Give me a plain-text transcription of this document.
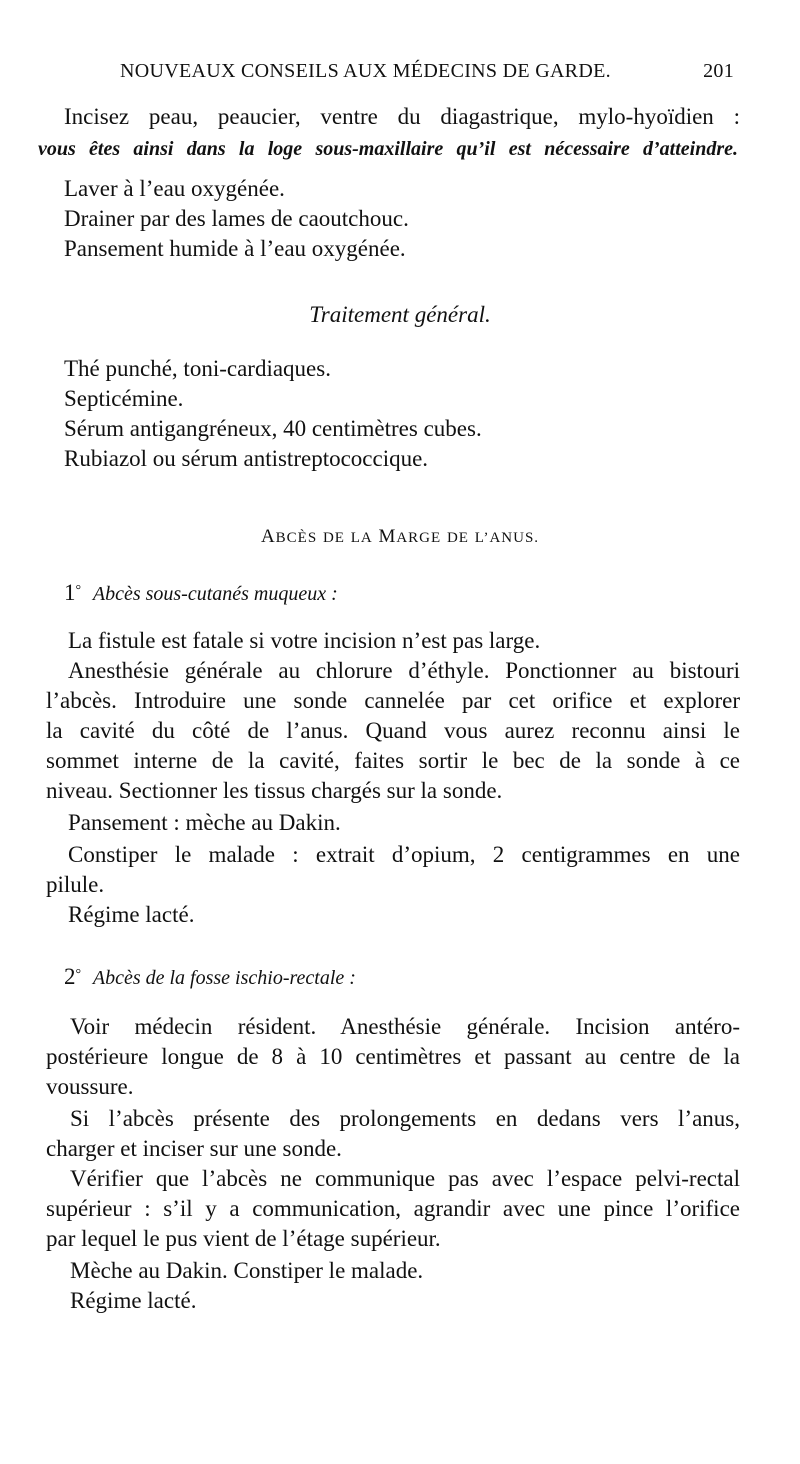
NOUVEAUX CONSEILS AUX MÉDECINS DE GARDE.	201
Incisez peau, peaucier, ventre du diagastrique, mylo-hyoïdien :
vous êtes ainsi dans la loge sous-maxillaire qu’il est nécessaire d’atteindre.
Laver à l’eau oxygénée.
Drainer par des lames de caoutchouc.
Pansement humide à l’eau oxygénée.
Traitement général.
Thé punché, toni-cardiaques.
Septicémine.
Sérum antigangréneux, 40 centimètres cubes.
Rubiazol ou sérum antistreptococcique.
ABCÈS DE LA MARGE DE L’ANUS.
1° Abcès sous-cutanés muqueux :
La fistule est fatale si votre incision n’est pas large.
Anesthésie générale au chlorure d’éthyle. Ponctionner au bistouri
l’abcès. Introduire une sonde cannelée par cet orifice et explorer
la cavité du côté de l’anus. Quand vous aurez reconnu ainsi le
sommet interne de la cavité, faites sortir le bec de la sonde à ce
niveau. Sectionner les tissus chargés sur la sonde.
Pansement : mèche au Dakin.
Constiper le malade : extrait d’opium, 2 centigrammes en une
pilule.
Régime lacté.
2° Abcès de la fosse ischio-rectale :
Voir médecin résident. Anesthésie générale. Incision antéro-
postérieure longue de 8 à 10 centimètres et passant au centre de la
voussure.
Si l’abcès présente des prolongements en dedans vers l’anus,
charger et inciser sur une sonde.
Vérifier que l’abcès ne communique pas avec l’espace pelvi-rectal
supérieur : s’il y a communication, agrandir avec une pince l’orifice
par lequel le pus vient de l’étage supérieur.
Mèche au Dakin. Constiper le malade.
Régime lacté.
